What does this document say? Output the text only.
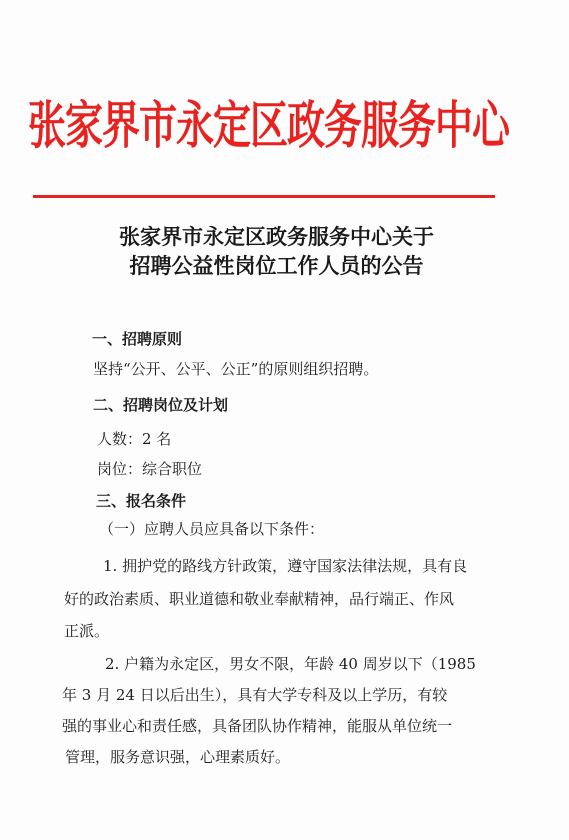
张家界市永定区政务服务中心
张家界市永定区政务服务中心关于
招聘公益性岗位工作人员的公告
一、招聘原则
坚持“公开、公平、公正”的原则组织招聘。
二、招聘岗位及计划
人数：2 名
岗位：综合职位
三、报名条件
（一）应聘人员应具备以下条件：
1. 拥护党的路线方针政策，遵守国家法律法规，具有良
好的政治素质、职业道德和敬业奉献精神，品行端正、作风
正派。
2. 户籍为永定区，男女不限，年龄 40 周岁以下（1985
年 3 月 24 日以后出生），具有大学专科及以上学历，有较
强的事业心和责任感，具备团队协作精神，能服从单位统一
管理，服务意识强，心理素质好。
